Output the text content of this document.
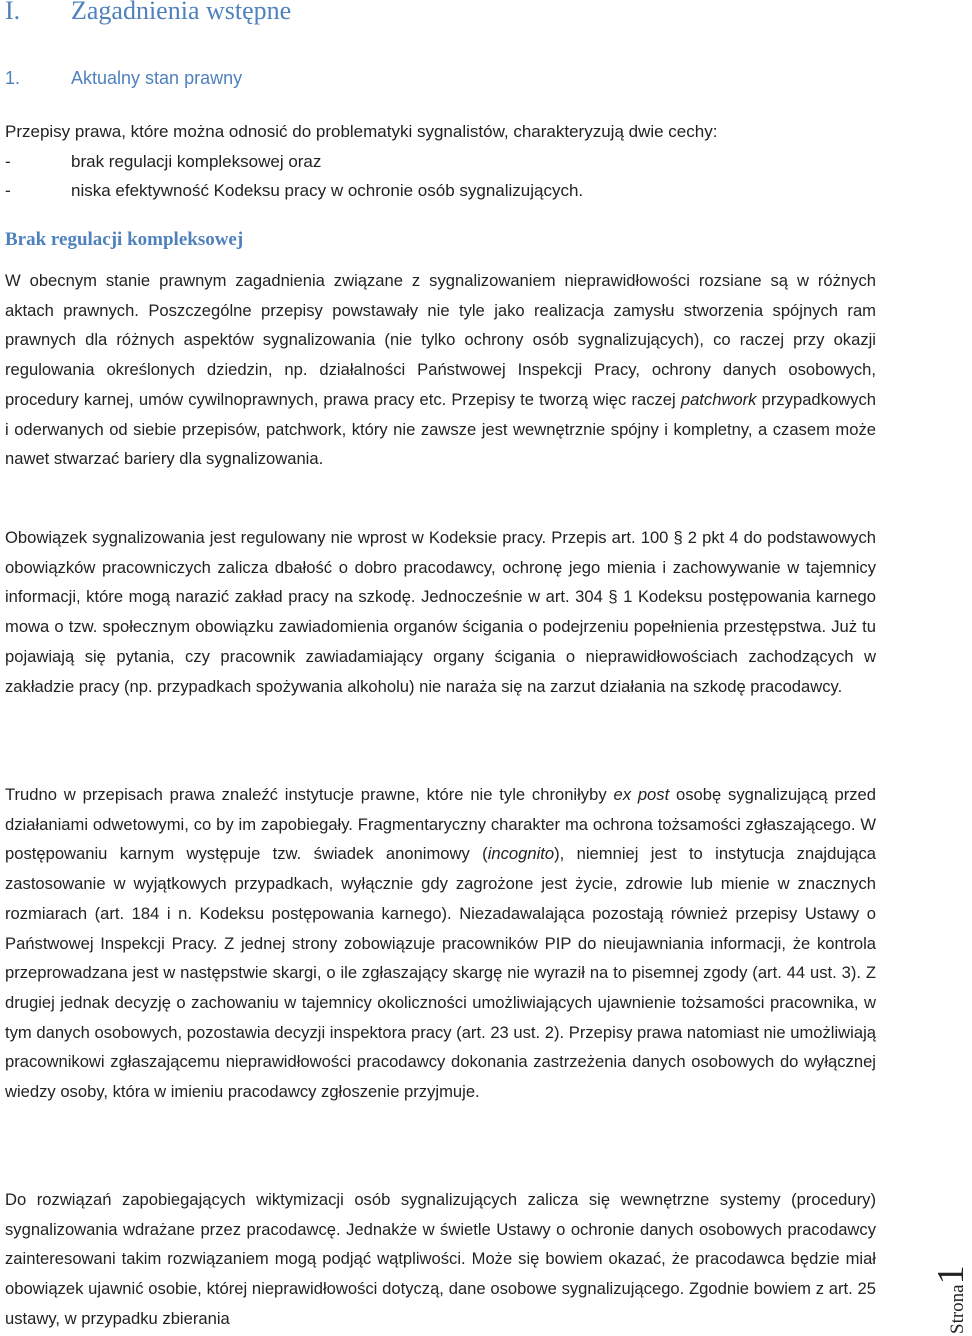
I. Zagadnienia wstępne
1.	Aktualny stan prawny

Przepisy prawa, które można odnosić do problematyki sygnalistów, charakteryzują dwie cechy:

-	brak regulacji kompleksowej oraz
-	niska efektywność Kodeksu pracy w ochronie osób sygnalizujących.
Brak regulacji kompleksowej

W obecnym stanie prawnym zagadnienia związane z sygnalizowaniem nieprawidłowości rozsiane są w różnych aktach prawnych. Poszczególne przepisy powstawały nie tyle jako realizacja zamysłu stworzenia spójnych ram prawnych dla różnych aspektów sygnalizowania (nie tylko ochrony osób sygnalizujących), co raczej przy okazji regulowania określonych dziedzin, np. działalności Państwowej Inspekcji Pracy, ochrony danych osobowych, procedury karnej, umów cywilnoprawnych, prawa pracy etc. Przepisy te tworzą więc raczej patchwork przypadkowych i oderwanych od siebie przepisów, patchwork, który nie zawsze jest wewnętrznie spójny i kompletny, a czasem może nawet stwarzać bariery dla sygnalizowania.

Obowiązek sygnalizowania jest regulowany nie wprost w Kodeksie pracy. Przepis art. 100 § 2 pkt 4 do podstawowych obowiązków pracowniczych zalicza dbałość o dobro pracodawcy, ochronę jego mienia i zachowywanie w tajemnicy informacji, które mogą narazić zakład pracy na szkodę. Jednocześnie w art. 304 § 1 Kodeksu postępowania karnego mowa o tzw. społecznym obowiązku zawiadomienia organów ścigania o podejrzeniu popełnienia przestępstwa. Już tu pojawiają się pytania, czy pracownik zawiadamiający organy ścigania o nieprawidłowościach zachodzących w zakładzie pracy (np. przypadkach spożywania alkoholu) nie naraża się na zarzut działania na szkodę pracodawcy.

Trudno w przepisach prawa znaleźć instytucje prawne, które nie tyle chroniłyby ex post osobę sygnalizującą przed działaniami odwetowymi, co by im zapobiegały. Fragmentaryczny charakter ma ochrona tożsamości zgłaszającego. W postępowaniu karnym występuje tzw. świadek anonimowy (incognito), niemniej jest to instytucja znajdująca zastosowanie w wyjątkowych przypadkach, wyłącznie gdy zagrożone jest życie, zdrowie lub mienie w znacznych rozmiarach (art. 184 i n. Kodeksu postępowania karnego). Niezadawalająca pozostają również przepisy Ustawy o Państwowej Inspekcji Pracy. Z jednej strony zobowiązuje pracowników PIP do nieujawniania informacji, że kontrola przeprowadzana jest w następstwie skargi, o ile zgłaszający skargę nie wyraził na to pisemnej zgody (art. 44 ust. 3). Z drugiej jednak decyzję o zachowaniu w tajemnicy okoliczności umożliwiających ujawnienie tożsamości pracownika, w tym danych osobowych, pozostawia decyzji inspektora pracy (art. 23 ust. 2). Przepisy prawa natomiast nie umożliwiają pracownikowi zgłaszającemu nieprawidłowości pracodawcy dokonania zastrzeżenia danych osobowych do wyłącznej wiedzy osoby, która w imieniu pracodawcy zgłoszenie przyjmuje.

Do rozwiązań zapobiegających wiktymizacji osób sygnalizujących zalicza się wewnętrzne systemy (procedury) sygnalizowania wdrażane przez pracodawcę. Jednakże w świetle Ustawy o ochronie danych osobowych pracodawcy zainteresowani takim rozwiązaniem mogą podjąć wątpliwości. Może się bowiem okazać, że pracodawca będzie miał obowiązek ujawnić osobie, której nieprawidłowości dotyczą, dane osobowe sygnalizującego. Zgodnie bowiem z art. 25 ustawy, w przypadku zbierania	Strona1
